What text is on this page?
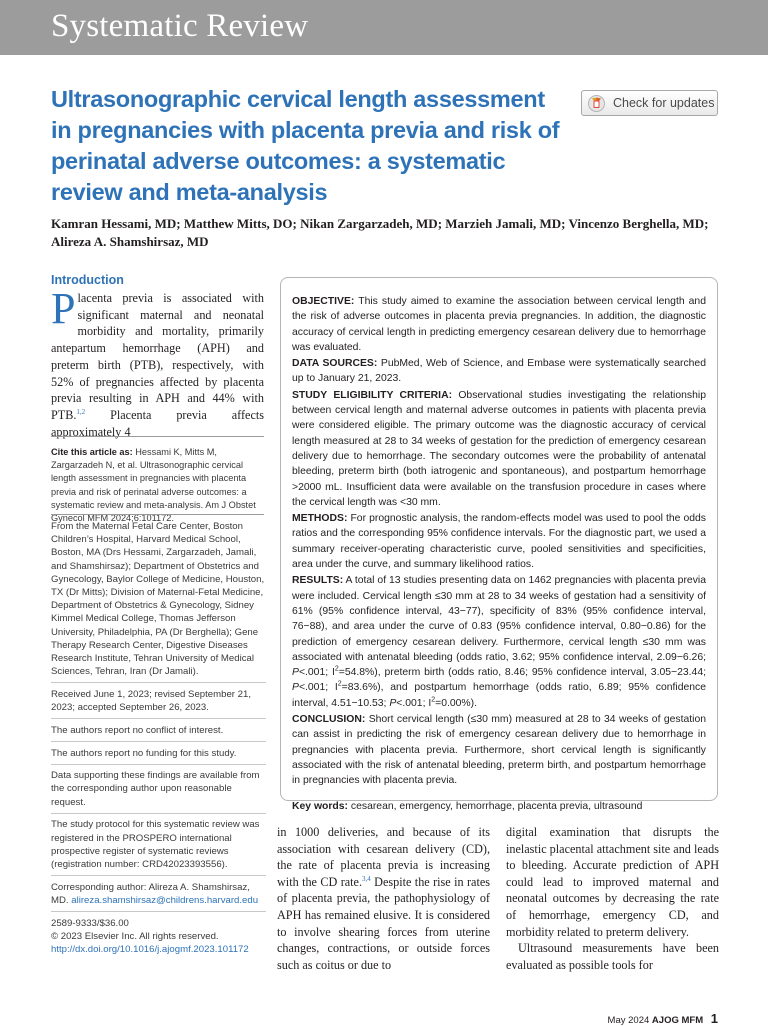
Systematic Review
Ultrasonographic cervical length assessment in pregnancies with placenta previa and risk of perinatal adverse outcomes: a systematic review and meta-analysis
Check for updates
Kamran Hessami, MD; Matthew Mitts, DO; Nikan Zargarzadeh, MD; Marzieh Jamali, MD; Vincenzo Berghella, MD; Alireza A. Shamshirsaz, MD
Introduction
Placenta previa is associated with significant maternal and neonatal morbidity and mortality, primarily antepartum hemorrhage (APH) and preterm birth (PTB), respectively, with 52% of pregnancies affected by placenta previa resulting in APH and 44% with PTB.$^{1,2}$ Placenta previa affects approximately 4
Cite this article as: Hessami K, Mitts M, Zargarzadeh N, et al. Ultrasonographic cervical length assessment in pregnancies with placenta previa and risk of perinatal adverse outcomes: a systematic review and meta-analysis. Am J Obstet Gynecol MFM 2024;6:101172.

From the Maternal Fetal Care Center, Boston Children’s Hospital, Harvard Medical School, Boston, MA (Drs Hessami, Zargarzadeh, Jamali, and Shamshirsaz); Department of Obstetrics and Gynecology, Baylor College of Medicine, Houston, TX (Dr Mitts); Division of Maternal-Fetal Medicine, Department of Obstetrics & Gynecology, Sidney Kimmel Medical College, Thomas Jefferson University, Philadelphia, PA (Dr Berghella); Gene Therapy Research Center, Digestive Diseases Research Institute, Tehran University of Medical Sciences, Tehran, Iran (Dr Jamali).

Received June 1, 2023; revised September 21, 2023; accepted September 26, 2023.

The authors report no conflict of interest.

The authors report no funding for this study.

Data supporting these findings are available from the corresponding author upon reasonable request.

The study protocol for this systematic review was registered in the PROSPERO international prospective register of systematic reviews (registration number: CRD42023393556).

Corresponding author: Alireza A. Shamshirsaz, MD. alireza.shamshirsaz@childrens.harvard.edu

2589-9333/$36.00
© 2023 Elsevier Inc. All rights reserved.
http://dx.doi.org/10.1016/j.ajogmf.2023.101172

OBJECTIVE: This study aimed to examine the association between cervical length and the risk of adverse outcomes in placenta previa pregnancies. In addition, the diagnostic accuracy of cervical length in predicting emergency cesarean delivery due to hemorrhage was evaluated.

DATA SOURCES: PubMed, Web of Science, and Embase were systematically searched up to January 21, 2023.

STUDY ELIGIBILITY CRITERIA: Observational studies investigating the relationship between cervical length and maternal adverse outcomes in patients with placenta previa were considered eligible. The primary outcome was the diagnostic accuracy of cervical length measured at 28 to 34 weeks of gestation for the prediction of emergency cesarean delivery due to hemorrhage. The secondary outcomes were the probability of antenatal bleeding, preterm birth (both iatrogenic and spontaneous), and postpartum hemorrhage >2000 mL. Insufficient data were available on the transfusion procedure in cases where the cervical length was <30 mm.

METHODS: For prognostic analysis, the random-effects model was used to pool the odds ratios and the corresponding 95% confidence intervals. For the diagnostic part, we used a summary receiver-operating characteristic curve, pooled sensitivities and specificities, area under the curve, and summary likelihood ratios.

RESULTS: A total of 13 studies presenting data on 1462 pregnancies with placenta previa were included. Cervical length ≤30 mm at 28 to 34 weeks of gestation had a sensitivity of 61% (95% confidence interval, 43−77), specificity of 83% (95% confidence interval, 76−88), and area under the curve of 0.83 (95% confidence interval, 0.80−0.86) for the prediction of emergency cesarean delivery. Furthermore, cervical length ≤30 mm was associated with antenatal bleeding (odds ratio, 3.62; 95% confidence interval, 2.09−6.26; P<.001; $I^2=54.8\%$), preterm birth (odds ratio, 8.46; 95% confidence interval, 3.05−23.44; P<.001; $I^2=83.6\%$), and postpartum hemorrhage (odds ratio, 6.89; 95% confidence interval, 4.51−10.53; P<.001; $I^2=0.00\%$).

CONCLUSION: Short cervical length (≤30 mm) measured at 28 to 34 weeks of gestation can assist in predicting the risk of emergency cesarean delivery due to hemorrhage in pregnancies with placenta previa. Furthermore, short cervical length is significantly associated with the risk of antenatal bleeding, preterm birth, and postpartum hemorrhage in pregnancies with placenta previa.

Key words: cesarean, emergency, hemorrhage, placenta previa, ultrasound

in 1000 deliveries, and because of its association with cesarean delivery (CD), the rate of placenta previa is increasing with the CD rate.$^{3,4}$ Despite the rise in rates of placenta previa, the pathophysiology of APH has remained elusive. It is considered to involve shearing forces from uterine changes, contractions, or outside forces such as coitus or due to

digital examination that disrupts the inelastic placental attachment site and leads to bleeding. Accurate prediction of APH could lead to improved maternal and neonatal outcomes by decreasing the rate of hemorrhage, emergency CD, and morbidity related to preterm delivery.

Ultrasound measurements have been evaluated as possible tools for

May 2024 AJOG MFM 1
